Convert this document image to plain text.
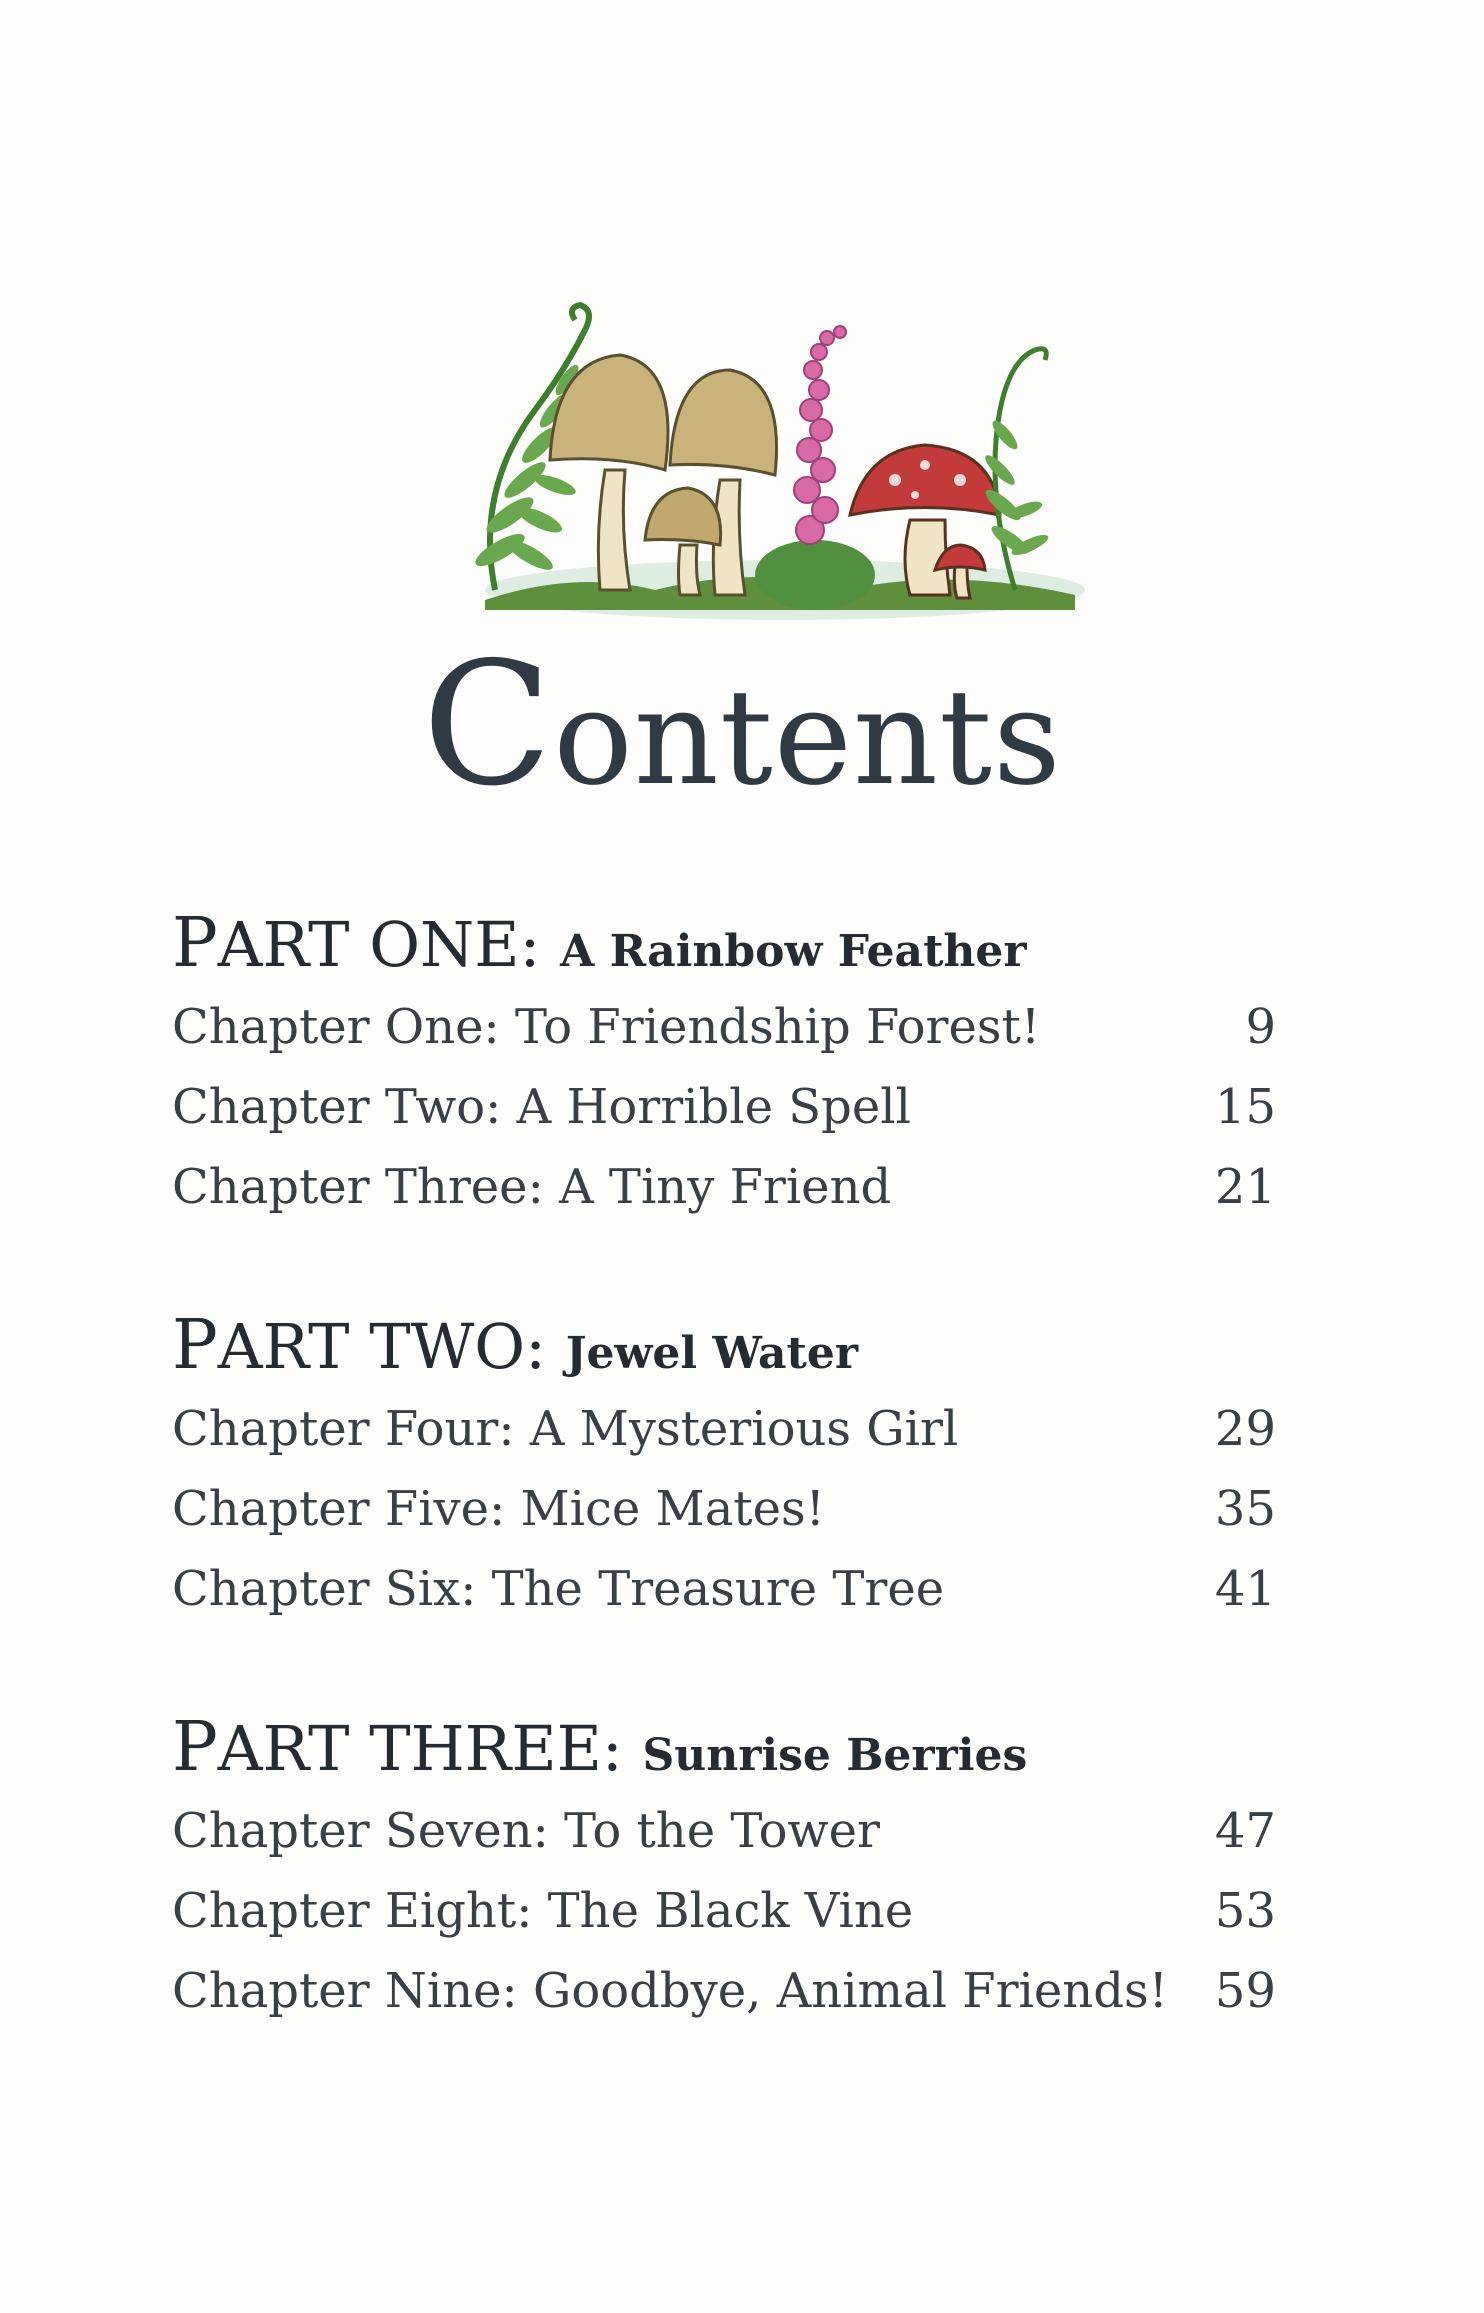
Contents
PART ONE: A Rainbow Feather
Chapter One: To Friendship Forest!	9
Chapter Two: A Horrible Spell	15
Chapter Three: A Tiny Friend	21
PART TWO: Jewel Water
Chapter Four: A Mysterious Girl	29
Chapter Five: Mice Mates!	35
Chapter Six: The Treasure Tree	41
PART THREE: Sunrise Berries
Chapter Seven: To the Tower	47
Chapter Eight: The Black Vine	53
Chapter Nine: Goodbye, Animal Friends! 59
